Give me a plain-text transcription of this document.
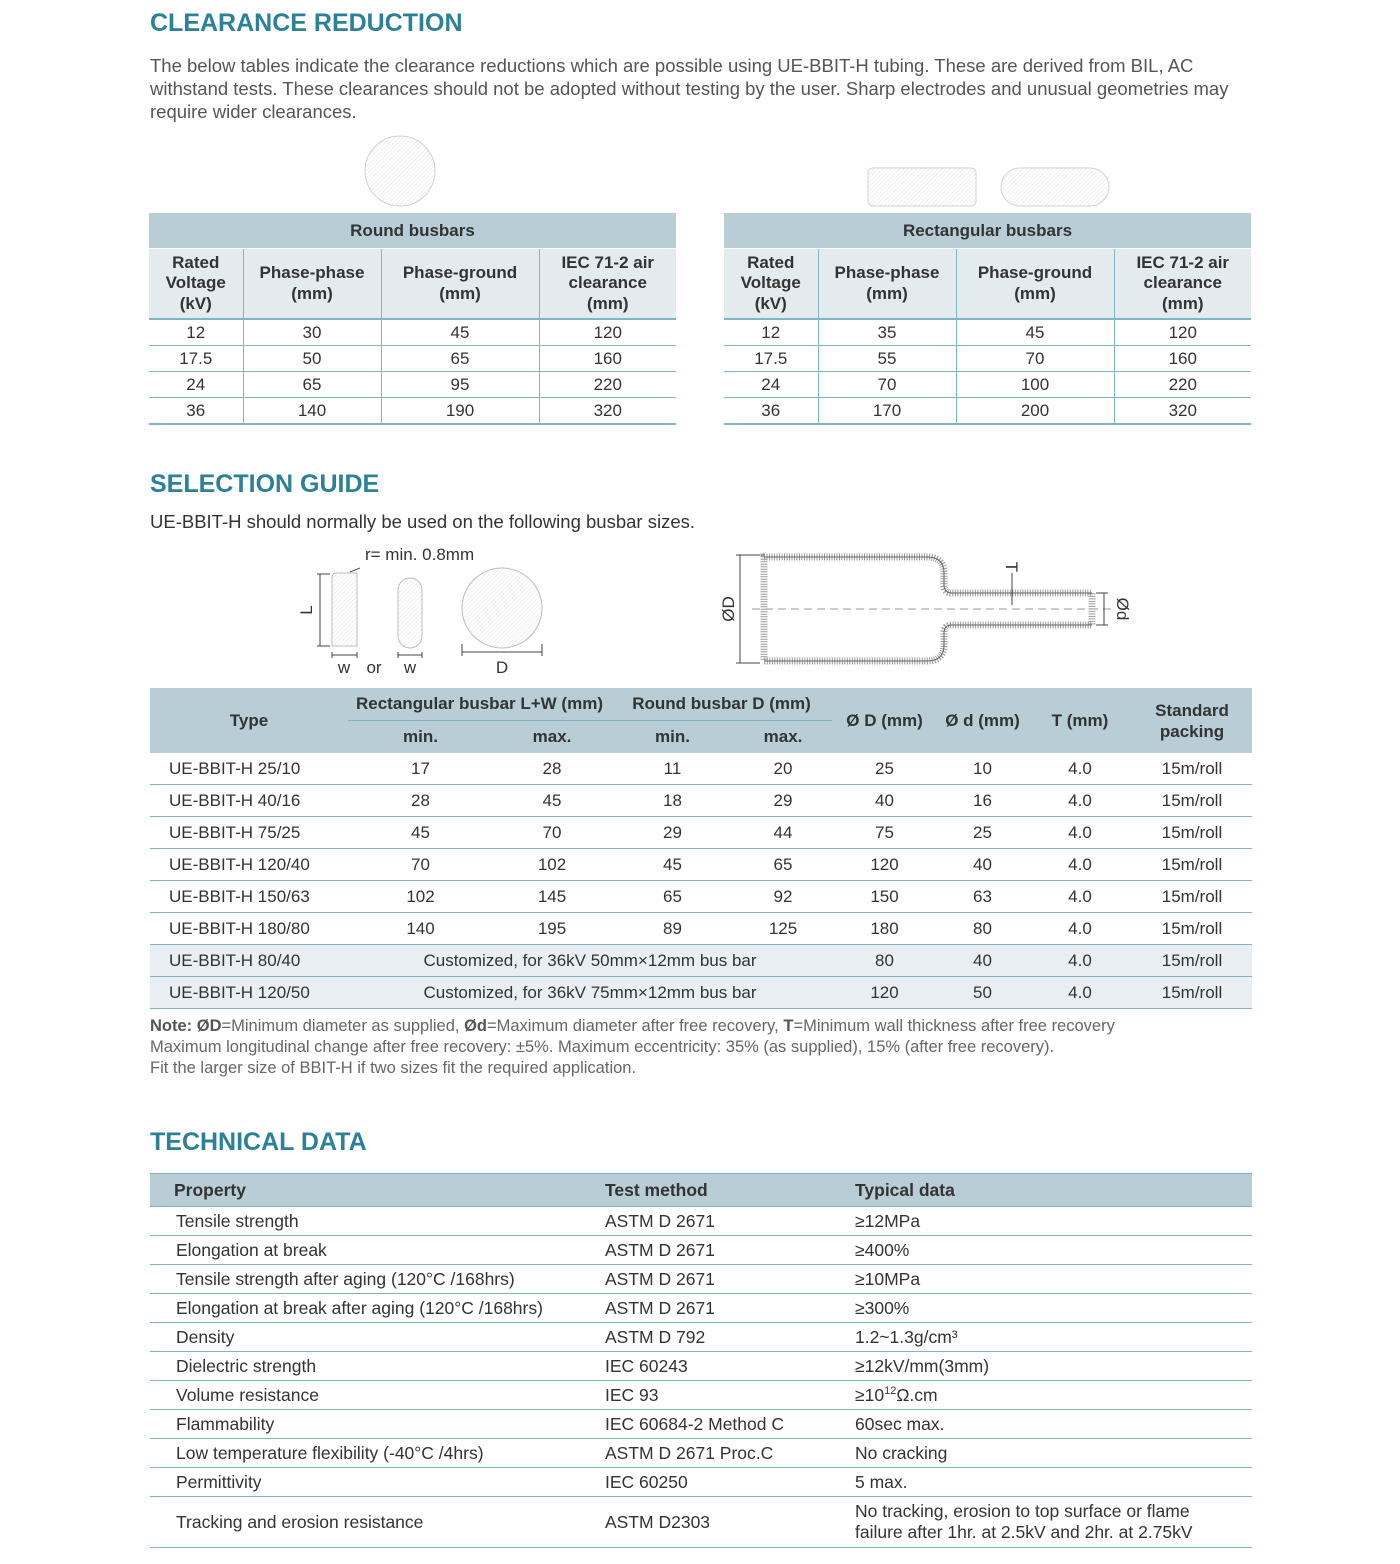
CLEARANCE REDUCTION

The below tables indicate the clearance reductions which are possible using UE-BBIT-H tubing. These are derived from BIL, AC withstand tests. These clearances should not be adopted without testing by the user. Sharp electrodes and unusual geometries may require wider clearances.

Round busbars			
Rated Voltage (kV)	Phase-phase (mm)	Phase-ground (mm)	IEC 71-2 air clearance (mm)
12	30	45	120
17.5	50	65	160
24	65	95	220
36	140	190	320
Rectangular busbars			
Rated Voltage (kV)	Phase-phase (mm)	Phase-ground (mm)	IEC 71-2 air clearance (mm)
12	35	45	120
17.5	55	70	160
24	70	100	220
36	170	200	320
SELECTION GUIDE

UE-BBIT-H should normally be used on the following busbar sizes.

r= min. 0.8mm
L
w or w	D
ØD
T
Ød
Type	Rectangular busbar L+W (mm)		Round busbar D (mm)		Ø D (mm)	Ø d (mm)	T (mm)	Standard packing
	min.	max.	min.	max.				
UE-BBIT-H 25/10	17	28	11	20	25	10	4.0	15m/roll
UE-BBIT-H 40/16	28	45	18	29	40	16	4.0	15m/roll
UE-BBIT-H 75/25	45	70	29	44	75	25	4.0	15m/roll
UE-BBIT-H 120/40	70	102	45	65	120	40	4.0	15m/roll
UE-BBIT-H 150/63	102	145	65	92	150	63	4.0	15m/roll
UE-BBIT-H 180/80	140	195	89	125	180	80	4.0	15m/roll
UE-BBIT-H 80/40	Customized, for 36kV 50mm×12mm bus bar				80	40	4.0	15m/roll
UE-BBIT-H 120/50	Customized, for 36kV 75mm×12mm bus bar				120	50	4.0	15m/roll
Note: ØD=Minimum diameter as supplied, Ød=Maximum diameter after free recovery, T=Minimum wall thickness after free recovery
Maximum longitudinal change after free recovery: ±5%. Maximum eccentricity: 35% (as supplied), 15% (after free recovery).
Fit the larger size of BBIT-H if two sizes fit the required application.
TECHNICAL DATA
Property	Test method	Typical data
Tensile strength	ASTM D 2671	≥12MPa
Elongation at break	ASTM D 2671	≥400%
Tensile strength after aging (120°C /168hrs)	ASTM D 2671	≥10MPa
Elongation at break after aging (120°C /168hrs)	ASTM D 2671	≥300%
Density	ASTM D 792	1.2~1.3g/cm³
Dielectric strength	IEC 60243	≥12kV/mm(3mm)
Volume resistance	IEC 93	$\ge 10^{12}\Omega.cm$
Flammability	IEC 60684-2 Method C	60sec max.
Low temperature flexibility (-40°C /4hrs)	ASTM D 2671 Proc.C	No cracking
Permittivity	IEC 60250	5 max.
Tracking and erosion resistance	ASTM D2303	No tracking, erosion to top surface or flame
failure after 1hr. at 2.5kV and 2hr. at 2.75kV
